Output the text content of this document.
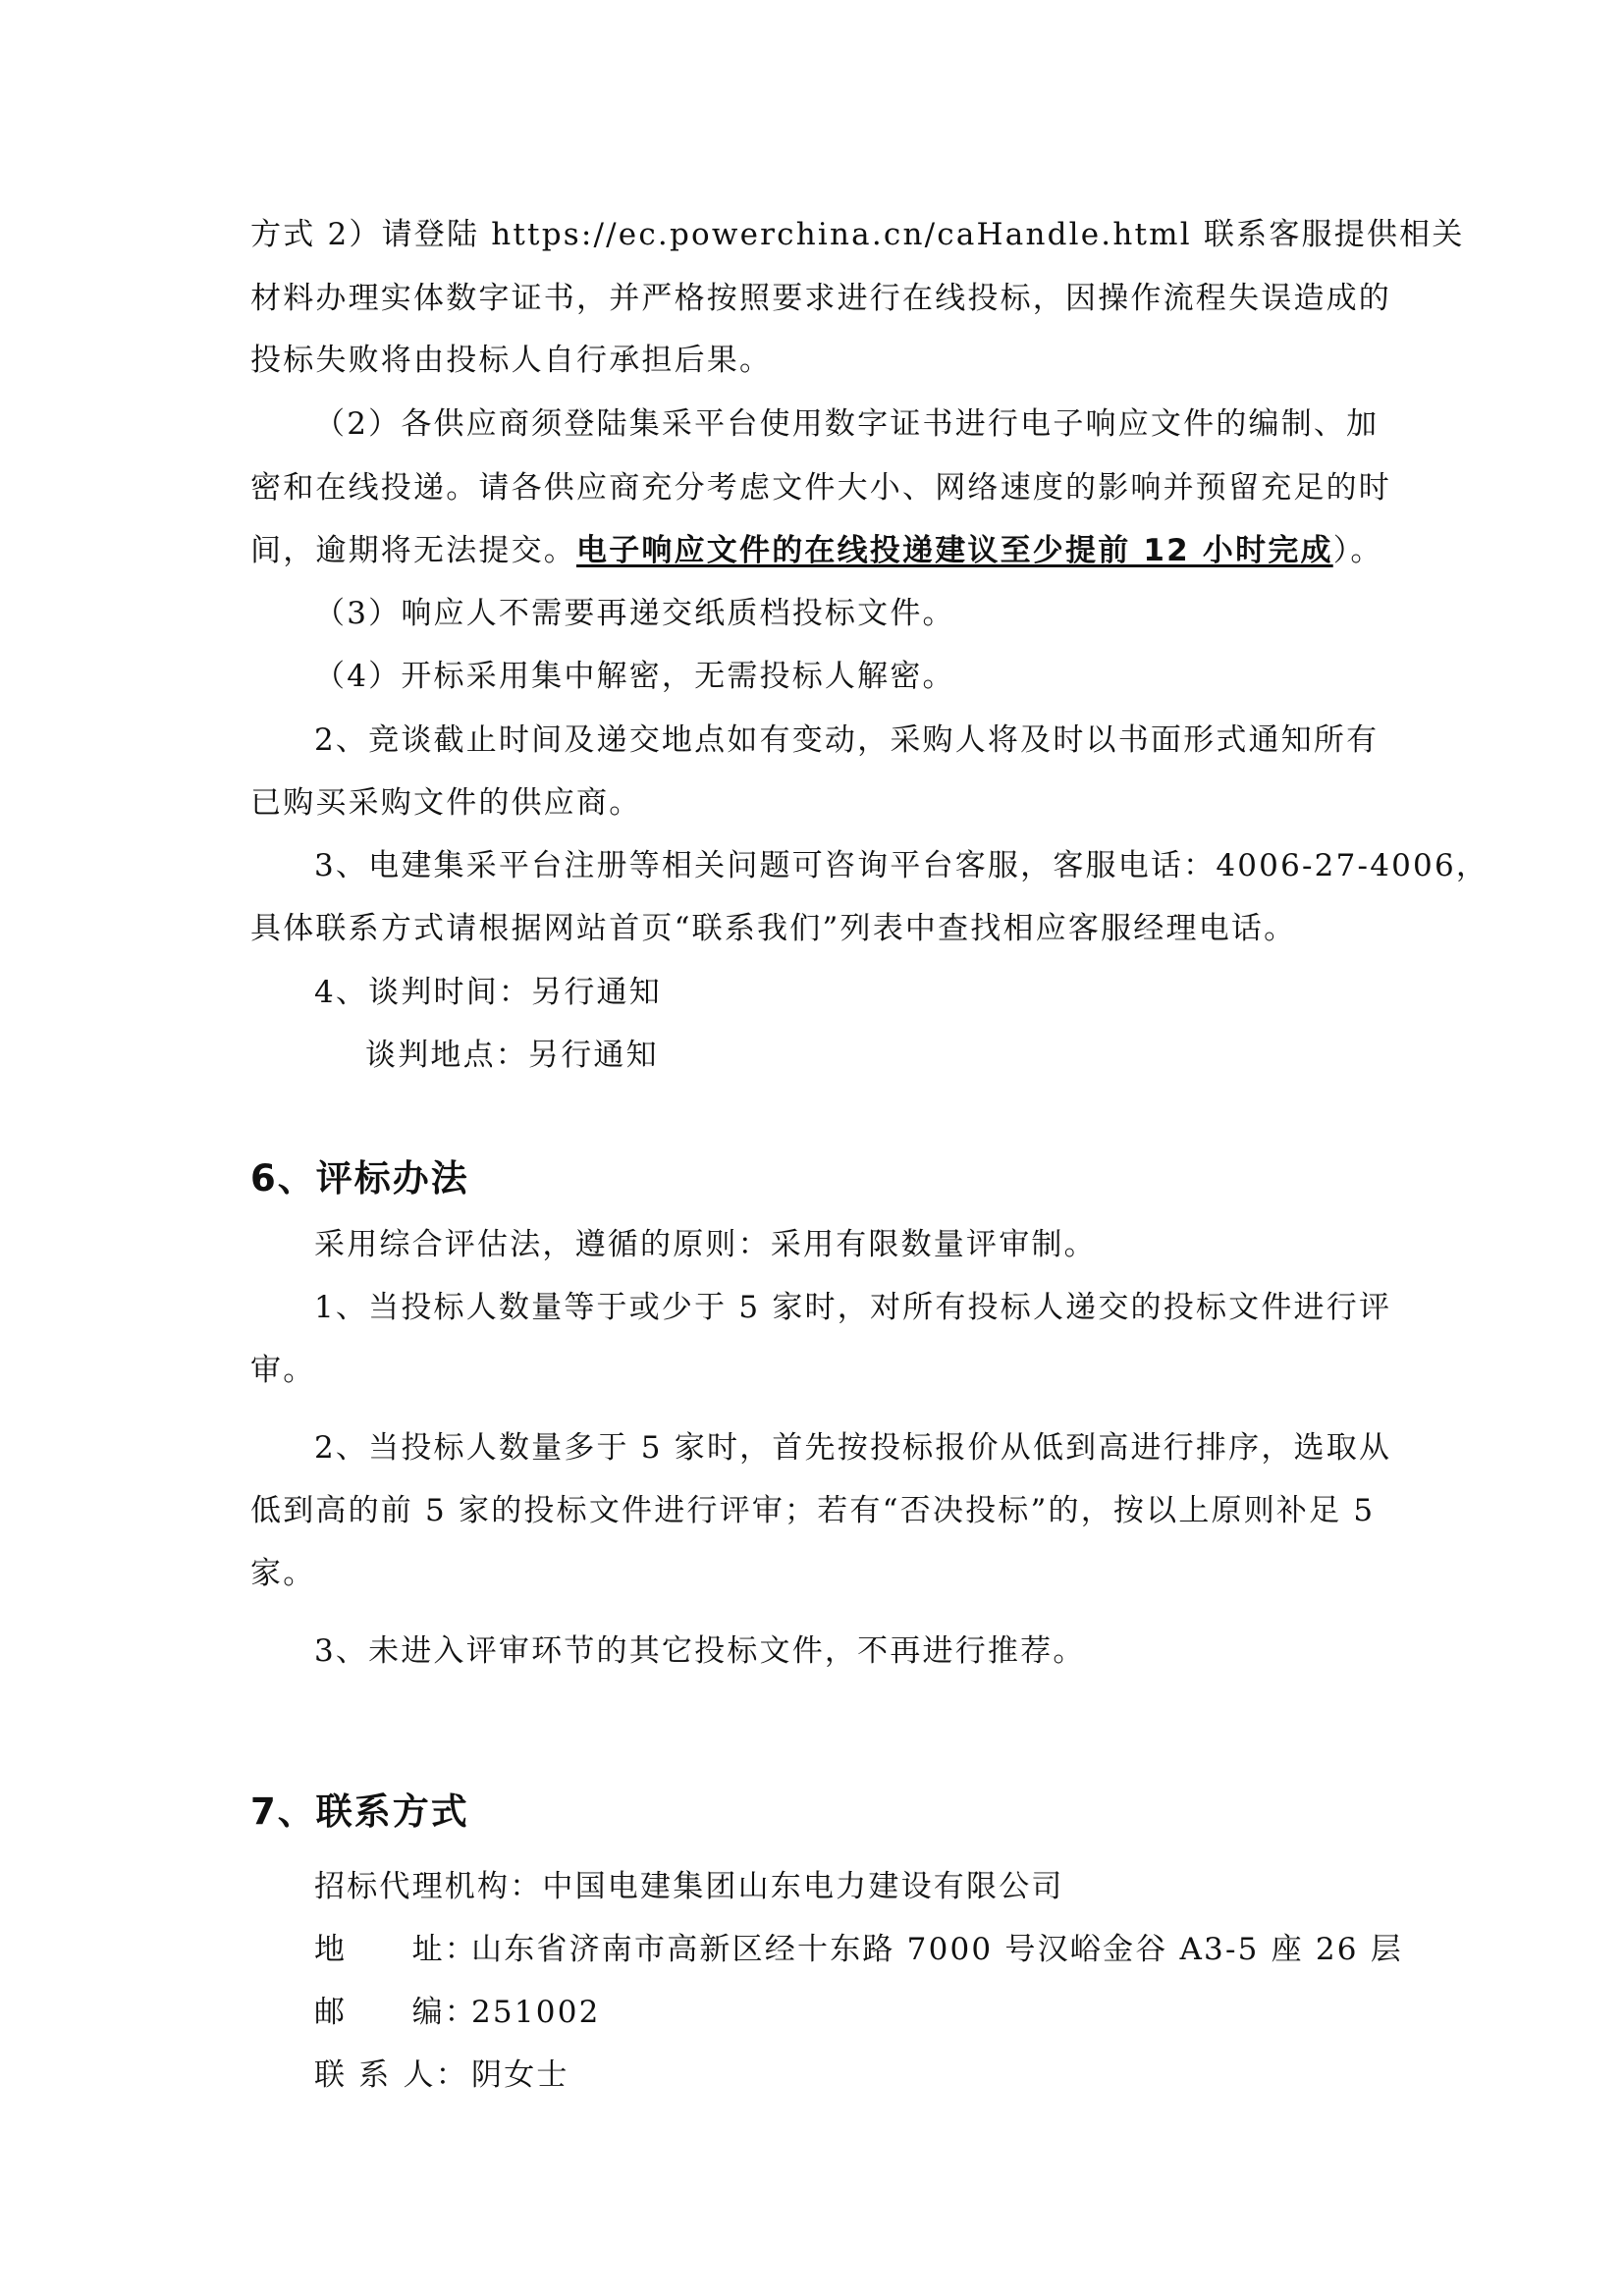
方式 2）请登陆 https://ec.powerchina.cn/caHandle.html 联系客服提供相关
材料办理实体数字证书，并严格按照要求进行在线投标，因操作流程失误造成的
投标失败将由投标人自行承担后果。
（2）各供应商须登陆集采平台使用数字证书进行电子响应文件的编制、加
密和在线投递。请各供应商充分考虑文件大小、网络速度的影响并预留充足的时
间，逾期将无法提交。电子响应文件的在线投递建议至少提前 12 小时完成）。
（3）响应人不需要再递交纸质档投标文件。
（4）开标采用集中解密，无需投标人解密。
2、竞谈截止时间及递交地点如有变动，采购人将及时以书面形式通知所有
已购买采购文件的供应商。
3、电建集采平台注册等相关问题可咨询平台客服，客服电话：4006-27-4006，
具体联系方式请根据网站首页“联系我们”列表中查找相应客服经理电话。
4、谈判时间：另行通知
谈判地点：另行通知
6、评标办法
采用综合评估法，遵循的原则：采用有限数量评审制。
1、当投标人数量等于或少于 5 家时，对所有投标人递交的投标文件进行评
审。
2、当投标人数量多于 5 家时，首先按投标报价从低到高进行排序，选取从
低到高的前 5 家的投标文件进行评审；若有“否决投标”的，按以上原则补足 5
家。
3、未进入评审环节的其它投标文件，不再进行推荐。
7、联系方式
招标代理机构：中国电建集团山东电力建设有限公司
地　　址：山东省济南市高新区经十东路 7000 号汉峪金谷 A3-5 座 26 层
邮　　编：251002
联 系 人：阴女士
